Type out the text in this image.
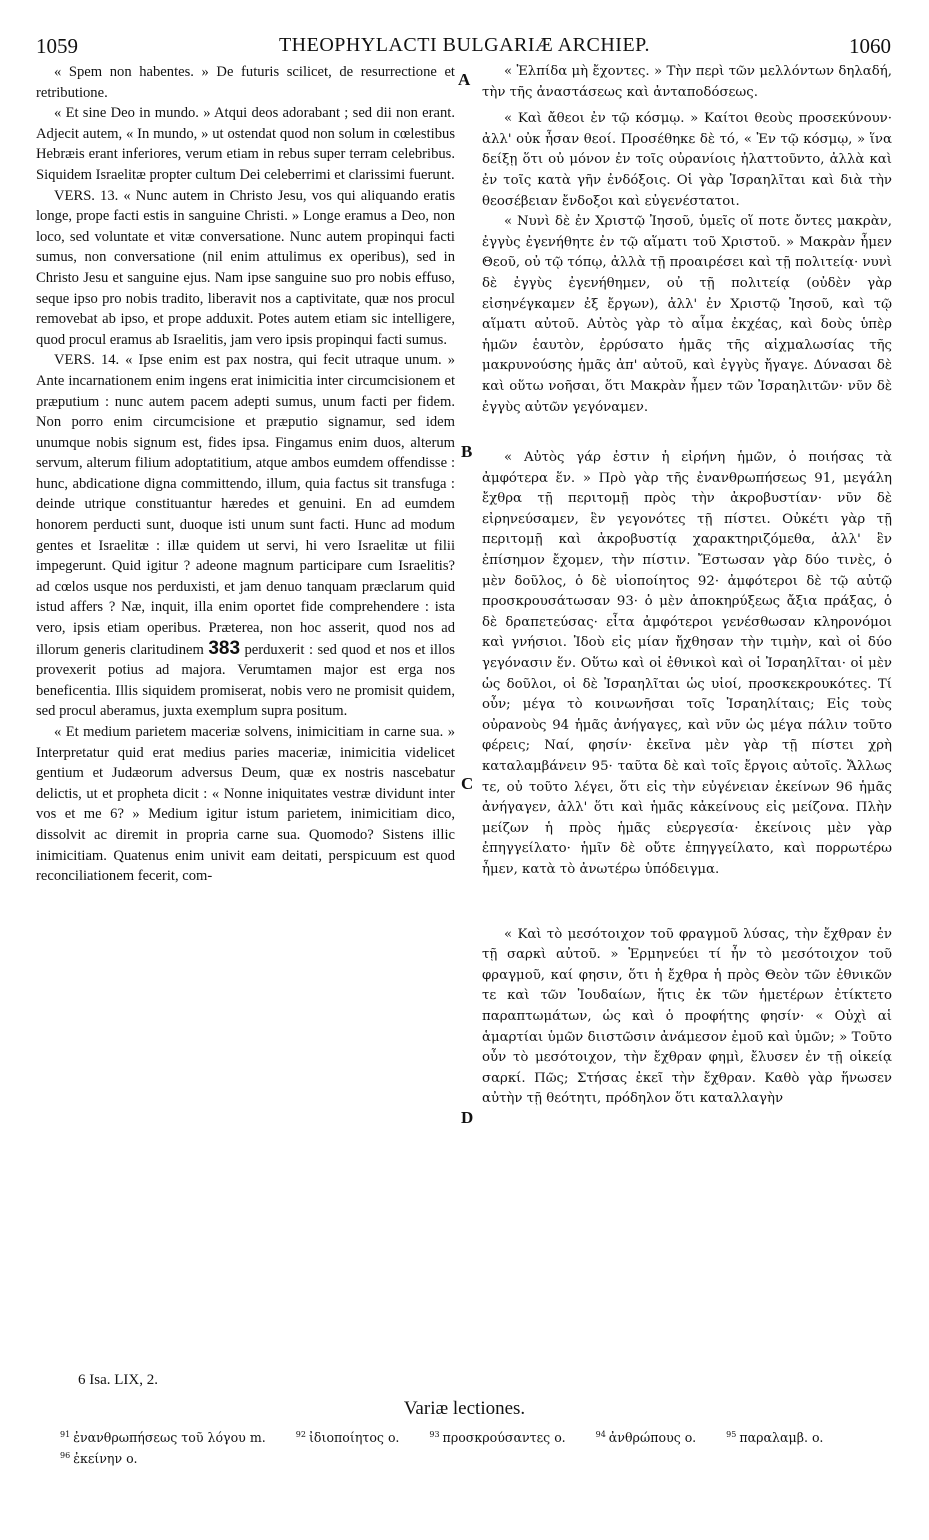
1059	THEOPHYLACTI BULGARIÆ ARCHIEP.	1060

« Spem non habentes. » De futuris scilicet, de resurrectione et retributione.

« Et sine Deo in mundo. » Atqui deos adorabant ; sed dii non erant. Adjecit autem, « In mundo, » ut ostendat quod non solum in cœlestibus Hebræis erant inferiores, verum etiam in rebus super terram celebribus. Siquidem Israelitæ propter cultum Dei celeberrimi et clarissimi fuerunt.

VERS. 13. « Nunc autem in Christo Jesu, vos qui aliquando eratis longe, prope facti estis in sanguine Christi. » Longe eramus a Deo, non loco, sed voluntate et vitæ conversatione. Nunc autem propinqui facti sumus, non conversatione (nil enim attulimus ex operibus), sed in Christo Jesu et sanguine ejus. Nam ipse sanguine suo pro nobis effuso, seque ipso pro nobis tradito, liberavit nos a captivitate, quæ nos procul removebat ab ipso, et prope adduxit. Potes autem etiam sic intelligere, quod procul eramus ab Israelitis, jam vero ipsis propinqui facti sumus.

VERS. 14. « Ipse enim est pax nostra, qui fecit utraque unum. » Ante incarnationem enim ingens erat inimicitia inter circumcisionem et præputium : nunc autem pacem adepti sumus, unum facti per fidem. Non porro enim circumcisione et præputio signamur, sed idem unumque nobis signum est, fides ipsa. Fingamus enim duos, alterum servum, alterum filium adoptatitium, atque ambos eumdem offendisse : hunc, abdicatione digna committendo, illum, quia factus sit transfuga : deinde utrique constituantur hæredes et genuini. En ad eumdem honorem perducti sunt, duoque isti unum sunt facti. Hunc ad modum gentes et Israelitæ : illæ quidem ut servi, hi vero Israelitæ ut filii impegerunt. Quid igitur ? adeone magnum participare cum Israelitis? ad cœlos usque nos perduxisti, et jam denuo tanquam præclarum quid istud affers ? Næ, inquit, illa enim oportet fide comprehendere : ista vero, ipsis etiam operibus. Præterea, non hoc asserit, quod nos ad illorum generis claritudinem 383 perduxerit : sed quod et nos et illos provexerit potius ad majora. Verumtamen major est erga nos beneficentia. Illis siquidem promiserat, nobis vero ne promisit quidem, sed procul aberamus, juxta exemplum supra positum.

« Et medium parietem maceriæ solvens, inimicitiam in carne sua. » Interpretatur quid erat medius paries maceriæ, inimicitia videlicet gentium et Judæorum adversus Deum, quæ ex nostris nascebatur delictis, ut et propheta dicit : « Nonne iniquitates vestræ dividunt inter vos et me 6? » Medium igitur istum parietem, inimicitiam dico, dissolvit ac diremit in propria carne sua. Quomodo? Sistens illic inimicitiam. Quatenus enim univit eam deitati, perspicuum est quod reconciliationem fecerit, com-

« Ἐλπίδα μὴ ἔχοντες. » Τὴν περὶ τῶν μελλόντων δηλαδή, τὴν τῆς ἀναστάσεως καὶ ἀνταποδόσεως.

« Καὶ ἄθεοι ἐν τῷ κόσμῳ. » Καίτοι θεοὺς προσεκύνουν· ἀλλ' οὐκ ἦσαν θεοί. Προσέθηκε δὲ τό, « Ἐν τῷ κόσμῳ, » ἵνα δείξῃ ὅτι οὐ μόνον ἐν τοῖς οὐρανίοις ἠλαττοῦντο, ἀλλὰ καὶ ἐν τοῖς κατὰ γῆν ἐνδόξοις. Οἱ γὰρ Ἰσραηλῖται καὶ διὰ τὴν θεοσέβειαν ἔνδοξοι καὶ εὐγενέστατοι.

« Νυνὶ δὲ ἐν Χριστῷ Ἰησοῦ, ὑμεῖς οἵ ποτε ὄντες μακρὰν, ἐγγὺς ἐγενήθητε ἐν τῷ αἵματι τοῦ Χριστοῦ. » Μακρὰν ἦμεν Θεοῦ, οὐ τῷ τόπῳ, ἀλλὰ τῇ προαιρέσει καὶ τῇ πολιτείᾳ· νυνὶ δὲ ἐγγὺς ἐγενήθημεν, οὐ τῇ πολιτείᾳ (οὐδὲν γὰρ εἰσηνέγκαμεν ἐξ ἔργων), ἀλλ' ἐν Χριστῷ Ἰησοῦ, καὶ τῷ αἵματι αὐτοῦ. Αὐτὸς γὰρ τὸ αἷμα ἐκχέας, καὶ δοὺς ὑπὲρ ἡμῶν ἑαυτὸν, ἐρρύσατο ἡμᾶς τῆς αἰχμαλωσίας τῆς μακρυνούσης ἡμᾶς ἀπ' αὐτοῦ, καὶ ἐγγὺς ἤγαγε. Δύνασαι δὲ καὶ οὕτω νοῆσαι, ὅτι Μακρὰν ἦμεν τῶν Ἰσραηλιτῶν· νῦν δὲ ἐγγὺς αὐτῶν γεγόναμεν.

« Αὐτὸς γάρ ἐστιν ἡ εἰρήνη ἡμῶν, ὁ ποιήσας τὰ ἀμφότερα ἕν. » Πρὸ γὰρ τῆς ἐνανθρωπήσεως 91, μεγάλη ἔχθρα τῇ περιτομῇ πρὸς τὴν ἀκροβυστίαν· νῦν δὲ εἰρηνεύσαμεν, ἓν γεγονότες τῇ πίστει. Οὐκέτι γὰρ τῇ περιτομῇ καὶ ἀκροβυστίᾳ χαρακτηριζόμεθα, ἀλλ' ἓν ἐπίσημον ἔχομεν, τὴν πίστιν. Ἔστωσαν γὰρ δύο τινὲς, ὁ μὲν δοῦλος, ὁ δὲ υἱοποίητος 92· ἀμφότεροι δὲ τῷ αὐτῷ προσκρουσάτωσαν 93· ὁ μὲν ἀποκηρύξεως ἄξια πράξας, ὁ δὲ δραπετεύσας· εἶτα ἀμφότεροι γενέσθωσαν κληρονόμοι καὶ γνήσιοι. Ἰδοὺ εἰς μίαν ἤχθησαν τὴν τιμὴν, καὶ οἱ δύο γεγόνασιν ἕν. Οὕτω καὶ οἱ ἐθνικοὶ καὶ οἱ Ἰσραηλῖται· οἱ μὲν ὡς δοῦλοι, οἱ δὲ Ἰσραηλῖται ὡς υἱοί, προσκεκρουκότες. Τί οὖν; μέγα τὸ κοινωνῆσαι τοῖς Ἰσραηλίταις; Εἰς τοὺς οὐρανοὺς 94 ἡμᾶς ἀνήγαγες, καὶ νῦν ὡς μέγα πάλιν τοῦτο φέρεις; Ναί, φησίν· ἐκεῖνα μὲν γὰρ τῇ πίστει χρὴ καταλαμβάνειν 95· ταῦτα δὲ καὶ τοῖς ἔργοις αὐτοῖς. Ἄλλως τε, οὐ τοῦτο λέγει, ὅτι εἰς τὴν εὐγένειαν ἐκείνων 96 ἡμᾶς ἀνήγαγεν, ἀλλ' ὅτι καὶ ἡμᾶς κἀκείνους εἰς μείζονα. Πλὴν μείζων ἡ πρὸς ἡμᾶς εὐεργεσία· ἐκείνοις μὲν γὰρ ἐπηγγείλατο· ἡμῖν δὲ οὔτε ἐπηγγείλατο, καὶ πορρωτέρω ἦμεν, κατὰ τὸ ἀνωτέρω ὑπόδειγμα.

« Καὶ τὸ μεσότοιχον τοῦ φραγμοῦ λύσας, τὴν ἔχθραν ἐν τῇ σαρκὶ αὐτοῦ. » Ἑρμηνεύει τί ἦν τὸ μεσότοιχον τοῦ φραγμοῦ, καί φησιν, ὅτι ἡ ἔχθρα ἡ πρὸς Θεὸν τῶν ἐθνικῶν τε καὶ τῶν Ἰουδαίων, ἥτις ἐκ τῶν ἡμετέρων ἐτίκτετο παραπτωμάτων, ὡς καὶ ὁ προφήτης φησίν· « Οὐχὶ αἱ ἁμαρτίαι ὑμῶν διιστῶσιν ἀνάμεσον ἐμοῦ καὶ ὑμῶν; » Τοῦτο οὖν τὸ μεσότοιχον, τὴν ἔχθραν φημὶ, ἔλυσεν ἐν τῇ οἰκείᾳ σαρκί. Πῶς; Στήσας ἐκεῖ τὴν ἔχθραν. Καθὸ γὰρ ἥνωσεν αὐτὴν τῇ θεότητι, πρόδηλον ὅτι καταλλαγὴν

A
B
C
D
6 Isa. LIX, 2.
Variæ lectiones.
$^{91}$ ἐνανθρωπήσεως τοῦ λόγου m.	$^{92}$ ἰδιοποίητος o.	$^{93}$ προσκρούσαντες o.	$^{94}$ ἀνθρώπους o.	$^{95}$ παραλαμβ. o. $^{96}$ ἐκείνην o.
